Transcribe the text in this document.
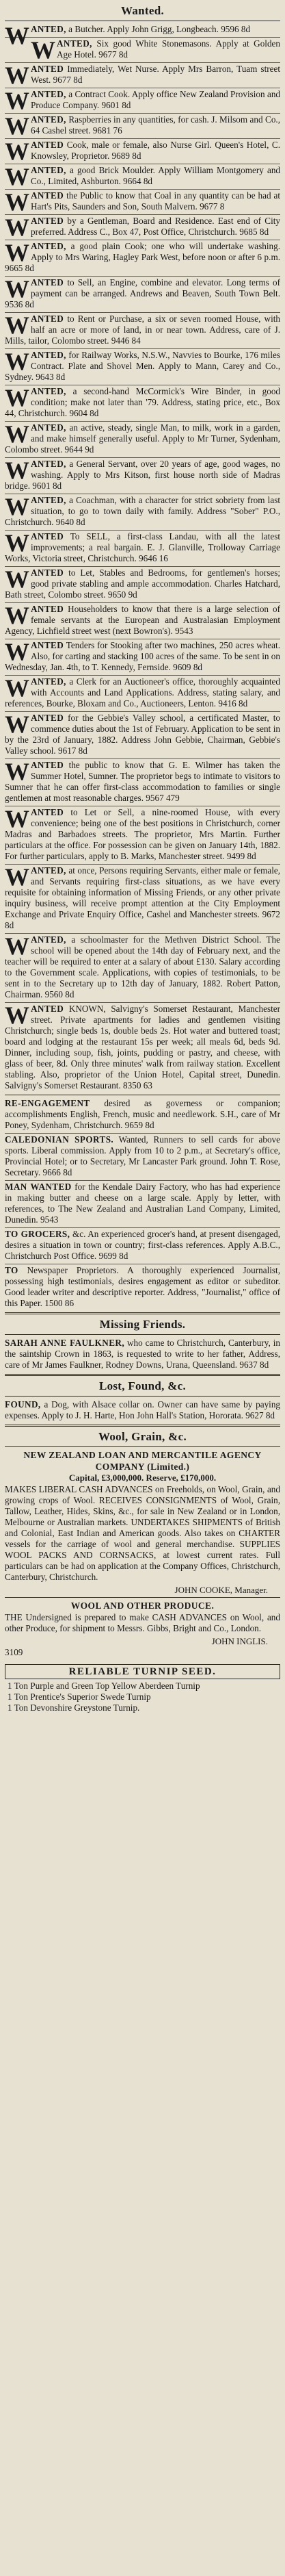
Wanted.

WANTED, a Butcher. Apply John Grigg, Longbeach. 9596 8d

WANTED, Six good White Stonemasons. Apply at Golden Age Hotel. 9677 8d

WANTED Immediately, Wet Nurse. Apply Mrs Barron, Tuam street West. 9677 8d

WANTED, a Contract Cook. Apply office New Zealand Provision and Produce Company. 9601 8d

WANTED, Raspberries in any quantities, for cash. J. Milsom and Co., 64 Cashel street. 9681 76

WANTED Cook, male or female, also Nurse Girl. Queen's Hotel, C. Knowsley, Proprietor. 9689 8d

WANTED, a good Brick Moulder. Apply William Montgomery and Co., Limited, Ashburton. 9664 8d

WANTED the Public to know that Coal in any quantity can be had at Hart's Pits, Saunders and Son, South Malvern. 9677 8

WANTED by a Gentleman, Board and Residence. East end of City preferred. Address C., Box 47, Post Office, Christchurch. 9685 8d

WANTED, a good plain Cook; one who will undertake washing. Apply to Mrs Waring, Hagley Park West, before noon or after 6 p.m. 9665 8d

WANTED to Sell, an Engine, combine and elevator. Long terms of payment can be arranged. Andrews and Beaven, South Town Belt. 9536 8d

WANTED to Rent or Purchase, a six or seven roomed House, with half an acre or more of land, in or near town. Address, care of J. Mills, tailor, Colombo street. 9446 84

WANTED, for Railway Works, N.S.W., Navvies to Bourke, 176 miles Contract. Plate and Shovel Men. Apply to Mann, Carey and Co., Sydney. 9643 8d

WANTED, a second-hand McCormick's Wire Binder, in good condition; make not later than '79. Address, stating price, etc., Box 44, Christchurch. 9604 8d

WANTED, an active, steady, single Man, to milk, work in a garden, and make himself generally useful. Apply to Mr Turner, Sydenham, Colombo street. 9644 9d

WANTED, a General Servant, over 20 years of age, good wages, no washing. Apply to Mrs Kitson, first house north side of Madras bridge. 9601 8d

WANTED, a Coachman, with a character for strict sobriety from last situation, to go to town daily with family. Address "Sober" P.O., Christchurch. 9640 8d

WANTED To SELL, a first-class Landau, with all the latest improvements; a real bargain. E. J. Glanville, Trolloway Carriage Works, Victoria street, Christchurch. 9646 16

WANTED to Let, Stables and Bedrooms, for gentlemen's horses; good private stabling and ample accommodation. Charles Hatchard, Bath street, Colombo street. 9650 9d

WANTED Householders to know that there is a large selection of female servants at the European and Australasian Employment Agency, Lichfield street west (next Bowron's). 9543

WANTED Tenders for Stooking after two machines, 250 acres wheat. Also, for carting and stacking 100 acres of the same. To be sent in on Wednesday, Jan. 4th, to T. Kennedy, Fernside. 9609 8d

WANTED, a Clerk for an Auctioneer's office, thoroughly acquainted with Accounts and Land Applications. Address, stating salary, and references, Bourke, Bloxam and Co., Auctioneers, Lenton. 9416 8d

WANTED for the Gebbie's Valley school, a certificated Master, to commence duties about the 1st of February. Application to be sent in by the 23rd of January, 1882. Address John Gebbie, Chairman, Gebbie's Valley school. 9617 8d

WANTED the public to know that G. E. Wilmer has taken the Summer Hotel, Sumner. The proprietor begs to intimate to visitors to Sumner that he can offer first-class accommodation to families or single gentlemen at most reasonable charges. 9567 479

WANTED to Let or Sell, a nine-roomed House, with every convenience; being one of the best positions in Christchurch, corner Madras and Barbadoes streets. The proprietor, Mrs Martin. Further particulars at the office. For possession can be given on January 14th, 1882. For further particulars, apply to B. Marks, Manchester street. 9499 8d

WANTED, at once, Persons requiring Servants, either male or female, and Servants requiring first-class situations, as we have every requisite for obtaining information of Missing Friends, or any other private inquiry business, will receive prompt attention at the City Employment Exchange and Private Enquiry Office, Cashel and Manchester streets. 9672 8d

WANTED, a schoolmaster for the Methven District School. The school will be opened about the 14th day of February next, and the teacher will be required to enter at a salary of about £130. Salary according to the Government scale. Applications, with copies of testimonials, to be sent in to the Secretary up to 12th day of January, 1882. Robert Patton, Chairman. 9560 8d

WANTED KNOWN, Salvigny's Somerset Restaurant, Manchester street. Private apartments for ladies and gentlemen visiting Christchurch; single beds 1s, double beds 2s. Hot water and buttered toast; board and lodging at the restaurant 15s per week; all meals 6d, beds 9d. Dinner, including soup, fish, joints, pudding or pastry, and cheese, with glass of beer, 8d. Only three minutes' walk from railway station. Excellent stabling. Also, proprietor of the Union Hotel, Capital street, Dunedin. Salvigny's Somerset Restaurant. 8350 63

RE-ENGAGEMENT desired as governess or companion; accomplishments English, French, music and needlework. S.H., care of Mr Poney, Sydenham, Christchurch. 9659 8d

CALEDONIAN SPORTS. Wanted, Runners to sell cards for above sports. Liberal commission. Apply from 10 to 2 p.m., at Secretary's office, Provincial Hotel; or to Secretary, Mr Lancaster Park ground. John T. Rose, Secretary. 9666 8d

MAN WANTED for the Kendale Dairy Factory, who has had experience in making butter and cheese on a large scale. Apply by letter, with references, to The New Zealand and Australian Land Company, Limited, Dunedin. 9543

TO GROCERS, &c. An experienced grocer's hand, at present disengaged, desires a situation in town or country; first-class references. Apply A.B.C., Christchurch Post Office. 9699 8d

TO Newspaper Proprietors. A thoroughly experienced Journalist, possessing high testimonials, desires engagement as editor or subeditor. Good leader writer and descriptive reporter. Address, "Journalist," office of this Paper. 1500 86

Missing Friends.

SARAH ANNE FAULKNER, who came to Christchurch, Canterbury, in the saintship Crown in 1863, is requested to write to her father, Address, care of Mr James Faulkner, Rodney Downs, Urana, Queensland. 9637 8d

Lost, Found, &c.

FOUND, a Dog, with Alsace collar on. Owner can have same by paying expenses. Apply to J. H. Harte, Hon John Hall's Station, Hororata. 9627 8d

Wool, Grain, &c.
NEW ZEALAND LOAN AND MERCANTILE AGENCY COMPANY (Limited.)
Capital, £3,000,000. Reserve, £170,000.

MAKES LIBERAL CASH ADVANCES on Freeholds, on Wool, Grain, and growing crops of Wool. RECEIVES CONSIGNMENTS of Wool, Grain, Tallow, Leather, Hides, Skins, &c., for sale in New Zealand or in London, Melbourne or Australian markets. UNDERTAKES SHIPMENTS of British and Colonial, East Indian and American goods. Also takes on CHARTER vessels for the carriage of wool and general merchandise. SUPPLIES WOOL PACKS AND CORNSACKS, at lowest current rates. Full particulars can be had on application at the Company Offices, Christchurch, Canterbury, Christchurch.

JOHN COOKE, Manager.
WOOL AND OTHER PRODUCE.

THE Undersigned is prepared to make CASH ADVANCES on Wool, and other Produce, for shipment to Messrs. Gibbs, Bright and Co., London.

JOHN INGLIS.
3109
RELIABLE TURNIP SEED.
1 Ton Purple and Green Top Yellow Aberdeen Turnip
1 Ton Prentice's Superior Swede Turnip
1 Ton Devonshire Greystone Turnip.
